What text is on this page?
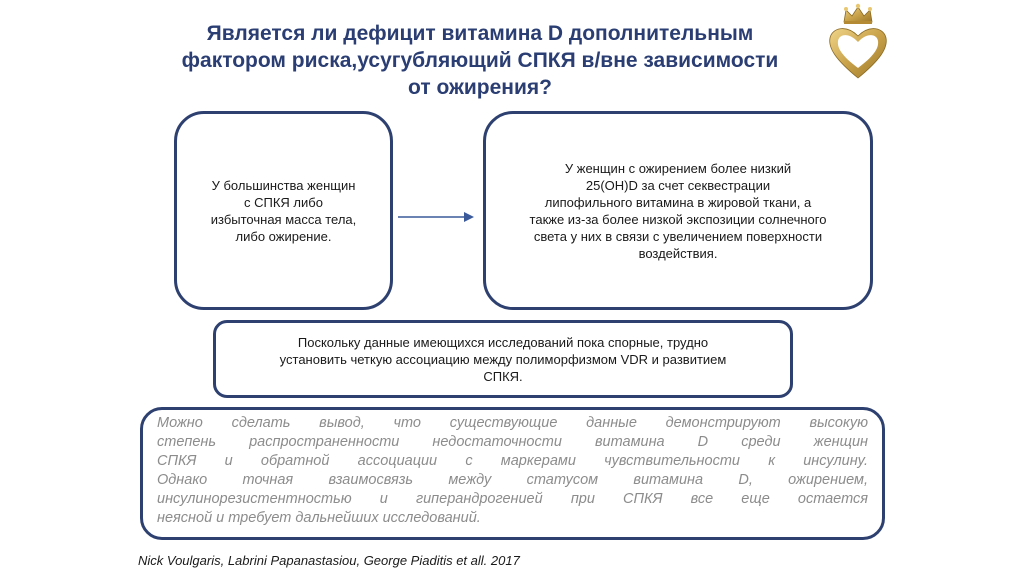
Является ли дефицит витамина D дополнительным
фактором риска,усугубляющий СПКЯ в/вне зависимости
от ожирения?
У большинства женщин
с СПКЯ либо
избыточная масса тела,
либо ожирение.
У женщин с ожирением более низкий
25(OH)D за счет секвестрации
липофильного витамина в жировой ткани, а
также из-за более низкой экспозиции солнечного
света у них в связи с увеличением поверхности
воздействия.
Поскольку данные имеющихся исследований пока спорные, трудно
установить четкую ассоциацию между полиморфизмом VDR и развитием
СПКЯ.
Можно сделать вывод, что существующие данные демонстрируют высокую
степень распространенности недостаточности витамина D среди женщин
СПКЯ и обратной ассоциации с маркерами чувствительности к инсулину.
Однако точная взаимосвязь между статусом витамина D, ожирением,
инсулинорезистентностью и гиперандрогенией при СПКЯ все еще остается
неясной и требует дальнейших исследований.
Nick Voulgaris, Labrini Papanastasiou, George Piaditis et all. 2017
